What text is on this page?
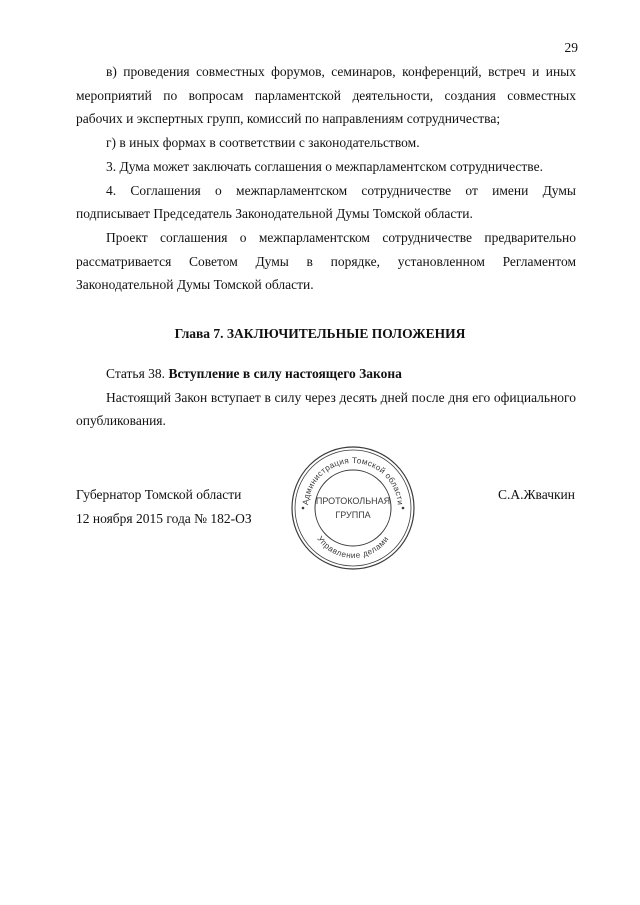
29

в) проведения совместных форумов, семинаров, конференций, встреч и иных мероприятий по вопросам парламентской деятельности, создания совместных рабочих и экспертных групп, комиссий по направлениям сотрудничества;

г) в иных формах в соответствии с законодательством.

3. Дума может заключать соглашения о межпарламентском сотрудничестве.

4. Соглашения о межпарламентском сотрудничестве от имени Думы подписывает Председатель Законодательной Думы Томской области.

Проект соглашения о межпарламентском сотрудничестве предварительно рассматривается Советом Думы в порядке, установленном Регламентом Законодательной Думы Томской области.

Глава 7. ЗАКЛЮЧИТЕЛЬНЫЕ ПОЛОЖЕНИЯ

Статья 38. Вступление в силу настоящего Закона

Настоящий Закон вступает в силу через десять дней после дня его официального опубликования.

Губернатор Томской области
12 ноября 2015 года № 182-ОЗ
С.А.Жвачкин
Администрация Томской области
Управление делами
ПРОТОКОЛЬНАЯ
ГРУППА
